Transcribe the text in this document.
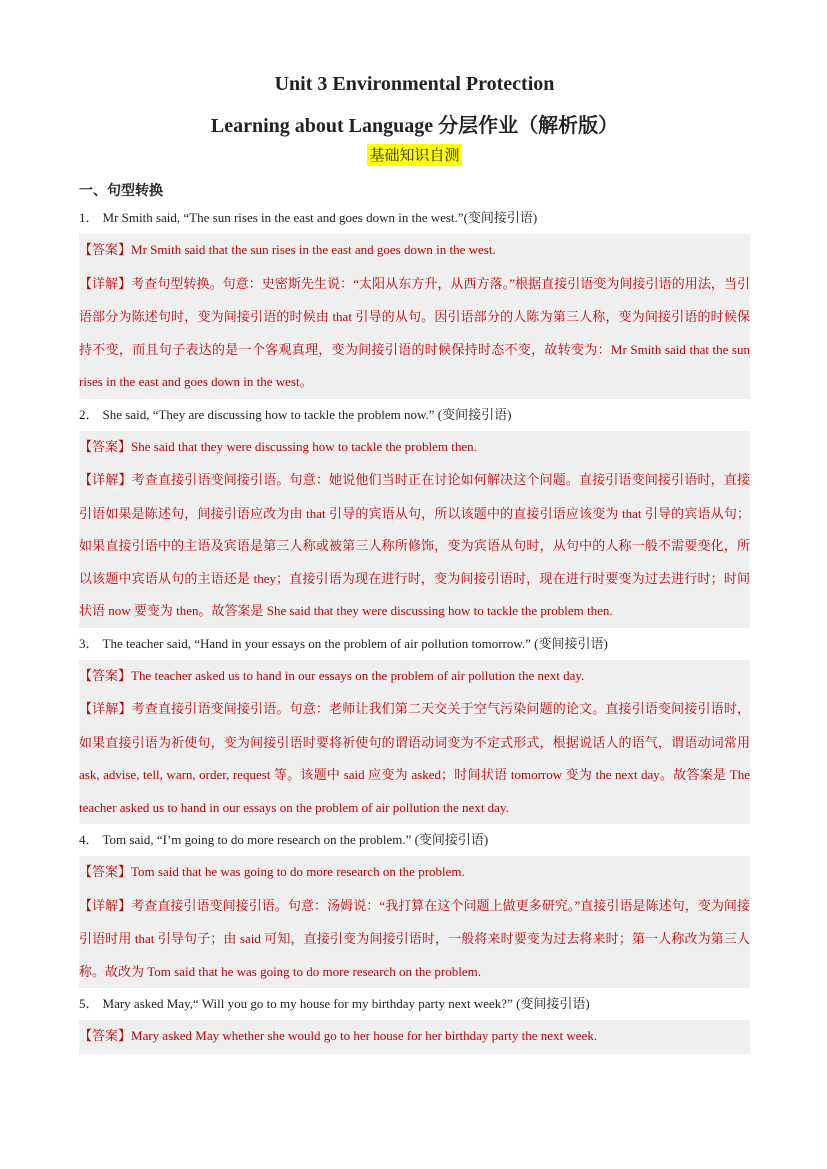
Unit 3 Environmental Protection
Learning about Language 分层作业（解析版）
基础知识自测
一、句型转换
1． Mr Smith said, “The sun rises in the east and goes down in the west.”(变间接引语)
【答案】Mr Smith said that the sun rises in the east and goes down in the west.
【详解】考查句型转换。句意：史密斯先生说：“太阳从东方升，从西方落。”根据直接引语变为间接引语的用法，当引语部分为陈述句时，变为间接引语的时候由 that 引导的从句。因引语部分的人陈为第三人称，变为间接引语的时候保持不变，而且句子表达的是一个客观真理，变为间接引语的时候保持时态不变，故转变为：Mr Smith said that the sun rises in the east and goes down in the west。
2． She said, “They are discussing how to tackle the problem now.” (变间接引语)
【答案】She said that they were discussing how to tackle the problem then.
【详解】考查直接引语变间接引语。句意：她说他们当时正在讨论如何解决这个问题。直接引语变间接引语时，直接引语如果是陈述句，间接引语应改为由 that 引导的宾语从句，所以该题中的直接引语应该变为 that 引导的宾语从句；如果直接引语中的主语及宾语是第三人称或被第三人称所修饰，变为宾语从句时，从句中的人称一般不需要变化，所以该题中宾语从句的主语还是 they；直接引语为现在进行时，变为间接引语时，现在进行时要变为过去进行时；时间状语 now 要变为 then。故答案是 She said that they were discussing how to tackle the problem then.
3． The teacher said, “Hand in your essays on the problem of air pollution tomorrow.” (变间接引语)
【答案】The teacher asked us to hand in our essays on the problem of air pollution the next day.
【详解】考查直接引语变间接引语。句意：老师让我们第二天交关于空气污染问题的论文。直接引语变间接引语时，如果直接引语为祈使句，变为间接引语时要将祈使句的谓语动词变为不定式形式，根据说话人的语气，谓语动词常用 ask, advise, tell, warn, order, request 等。该题中 said 应变为 asked；时间状语 tomorrow 变为 the next day。故答案是 The teacher asked us to hand in our essays on the problem of air pollution the next day.
4． Tom said, “I’m going to do more research on the problem.” (变间接引语)
【答案】Tom said that he was going to do more research on the problem.
【详解】考查直接引语变间接引语。句意：汤姆说：“我打算在这个问题上做更多研究。”直接引语是陈述句，变为间接引语时用 that 引导句子；由 said 可知，直接引变为间接引语时，一般将来时要变为过去将来时；第一人称改为第三人称。故改为 Tom said that he was going to do more research on the problem.
5． Mary asked May,“ Will you go to my house for my birthday party next week?” (变间接引语)
【答案】Mary asked May whether she would go to her house for her birthday party the next week.
